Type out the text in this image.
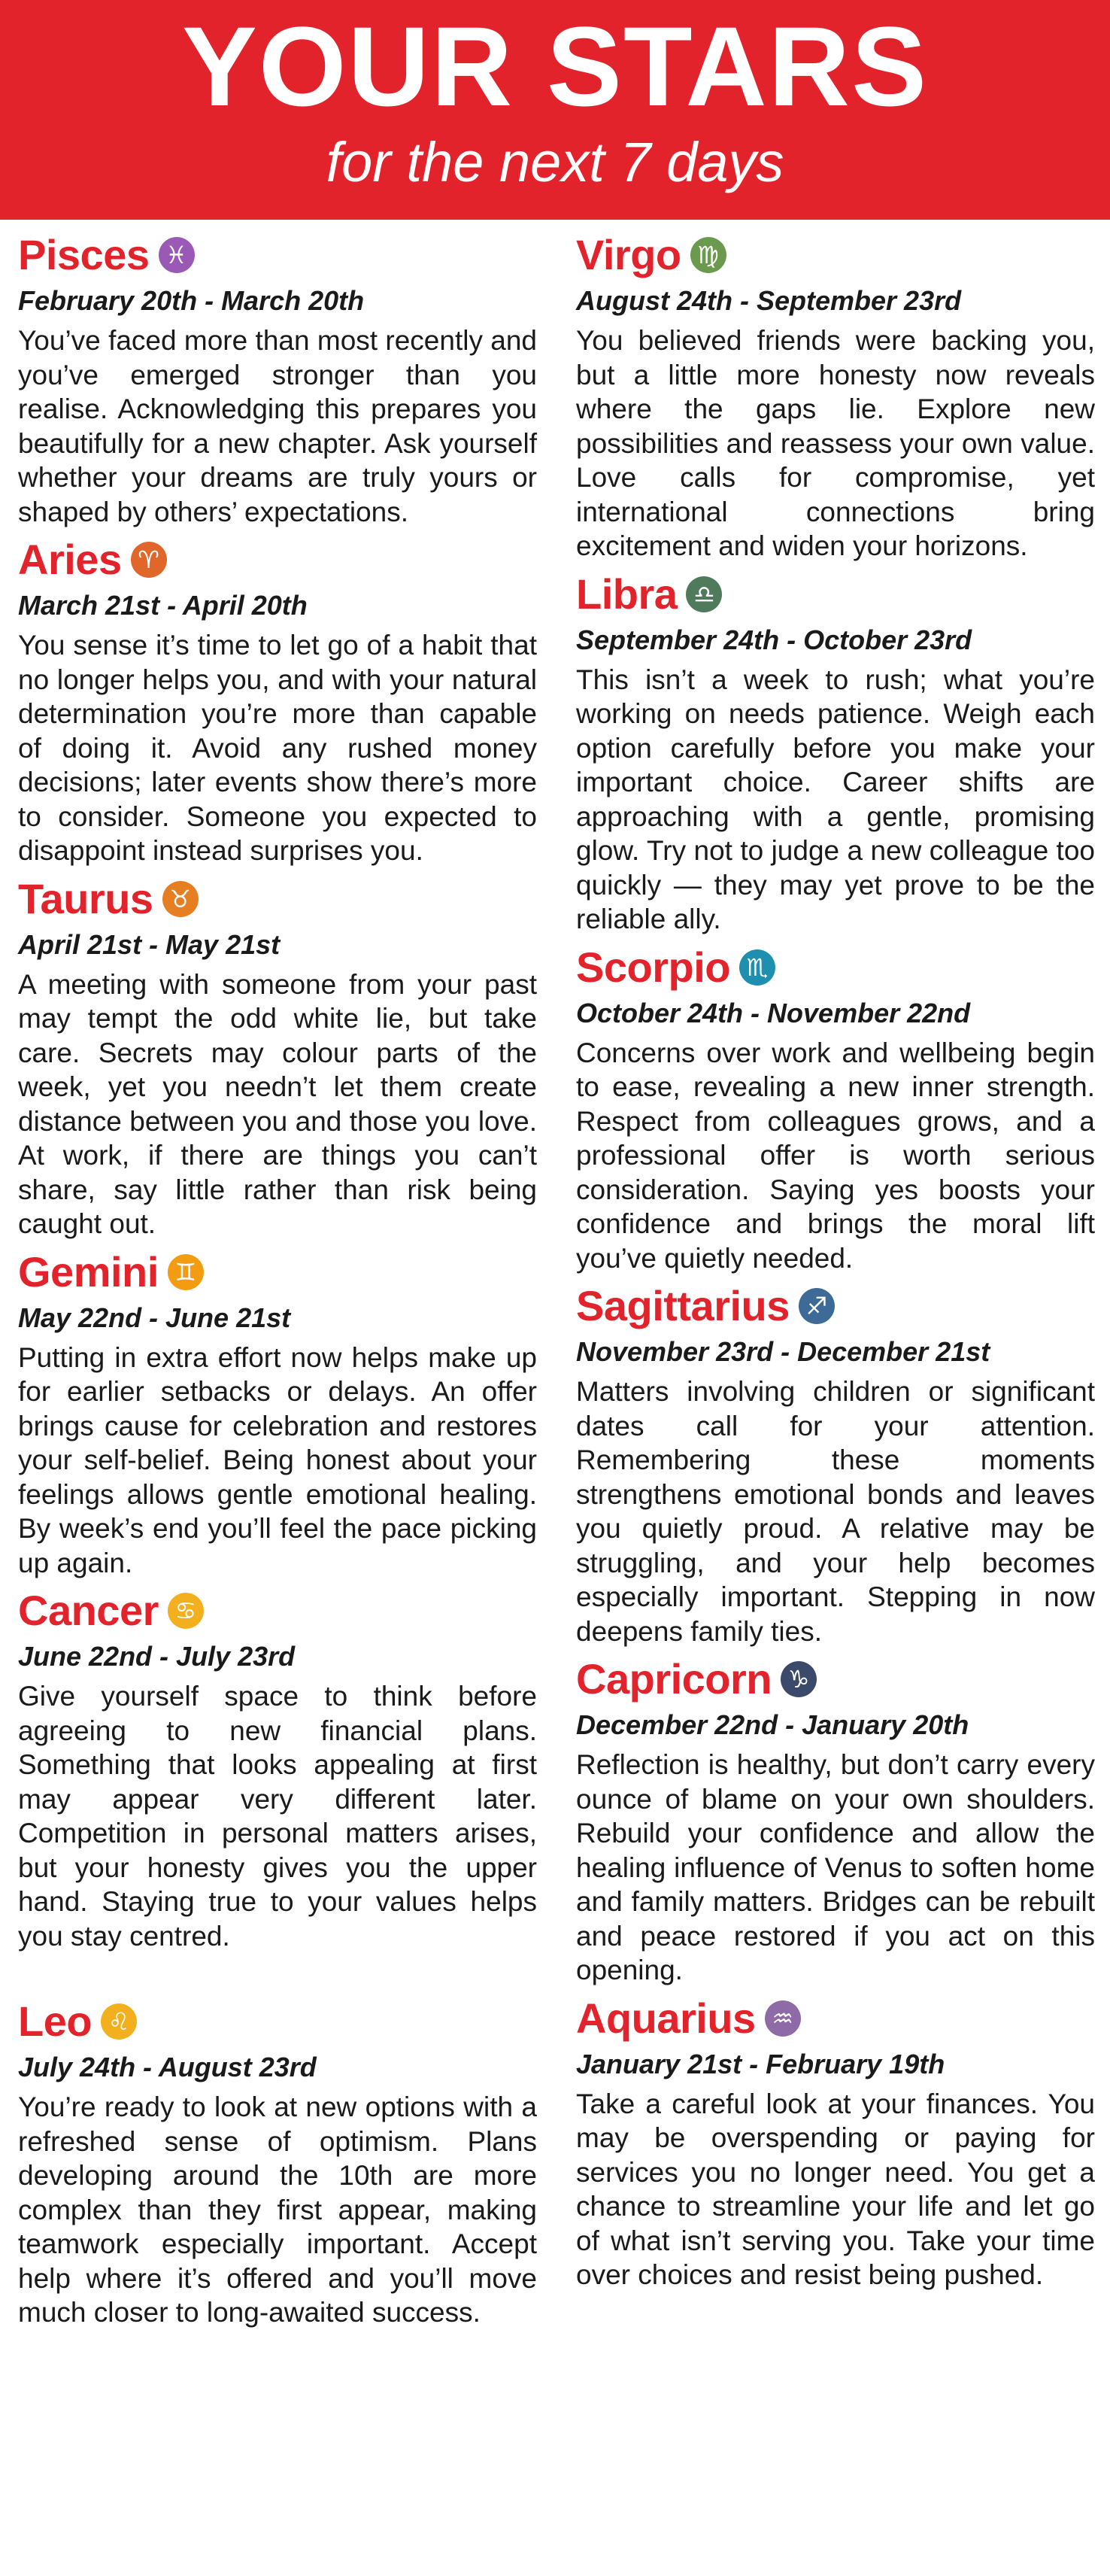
YOUR STARS
for the next 7 days
Pisces ♓
February 20th - March 20th

You’ve faced more than most recently and you’ve emerged stronger than you realise. Acknowledging this prepares you beautifully for a new chapter. Ask yourself whether your dreams are truly yours or shaped by others’ expectations.

Aries ♈
March 21st - April 20th

You sense it’s time to let go of a habit that no longer helps you, and with your natural determination you’re more than capable of doing it. Avoid any rushed money decisions; later events show there’s more to consider. Someone you expected to disappoint instead surprises you.

Taurus ♉
April 21st - May 21st

A meeting with someone from your past may tempt the odd white lie, but take care. Secrets may colour parts of the week, yet you needn’t let them create distance between you and those you love. At work, if there are things you can’t share, say little rather than risk being caught out.

Gemini ♊
May 22nd - June 21st

Putting in extra effort now helps make up for earlier setbacks or delays. An offer brings cause for celebration and restores your self-belief. Being honest about your feelings allows gentle emotional healing. By week’s end you’ll feel the pace picking up again.

Cancer ♋
June 22nd - July 23rd

Give yourself space to think before agreeing to new financial plans. Something that looks appealing at first may appear very different later. Competition in personal matters arises, but your honesty gives you the upper hand. Staying true to your values helps you stay centred.

Leo ♌
July 24th - August 23rd

You’re ready to look at new options with a refreshed sense of optimism. Plans developing around the 10th are more complex than they first appear, making teamwork especially important. Accept help where it’s offered and you’ll move much closer to long-awaited success.

Virgo ♍
August 24th - September 23rd

You believed friends were backing you, but a little more honesty now reveals where the gaps lie. Explore new possibilities and reassess your own value. Love calls for compromise, yet international connections bring excitement and widen your horizons.

Libra ♎
September 24th - October 23rd

This isn’t a week to rush; what you’re working on needs patience. Weigh each option carefully before you make your important choice. Career shifts are approaching with a gentle, promising glow. Try not to judge a new colleague too quickly — they may yet prove to be the reliable ally.

Scorpio ♏
October 24th - November 22nd

Concerns over work and wellbeing begin to ease, revealing a new inner strength. Respect from colleagues grows, and a professional offer is worth serious consideration. Saying yes boosts your confidence and brings the moral lift you’ve quietly needed.

Sagittarius ♐
November 23rd - December 21st

Matters involving children or significant dates call for your attention. Remembering these moments strengthens emotional bonds and leaves you quietly proud. A relative may be struggling, and your help becomes especially important. Stepping in now deepens family ties.

Capricorn ♑
December 22nd - January 20th

Reflection is healthy, but don’t carry every ounce of blame on your own shoulders. Rebuild your confidence and allow the healing influence of Venus to soften home and family matters. Bridges can be rebuilt and peace restored if you act on this opening.

Aquarius ♒
January 21st - February 19th

Take a careful look at your finances. You may be overspending or paying for services you no longer need. You get a chance to streamline your life and let go of what isn’t serving you. Take your time over choices and resist being pushed.
